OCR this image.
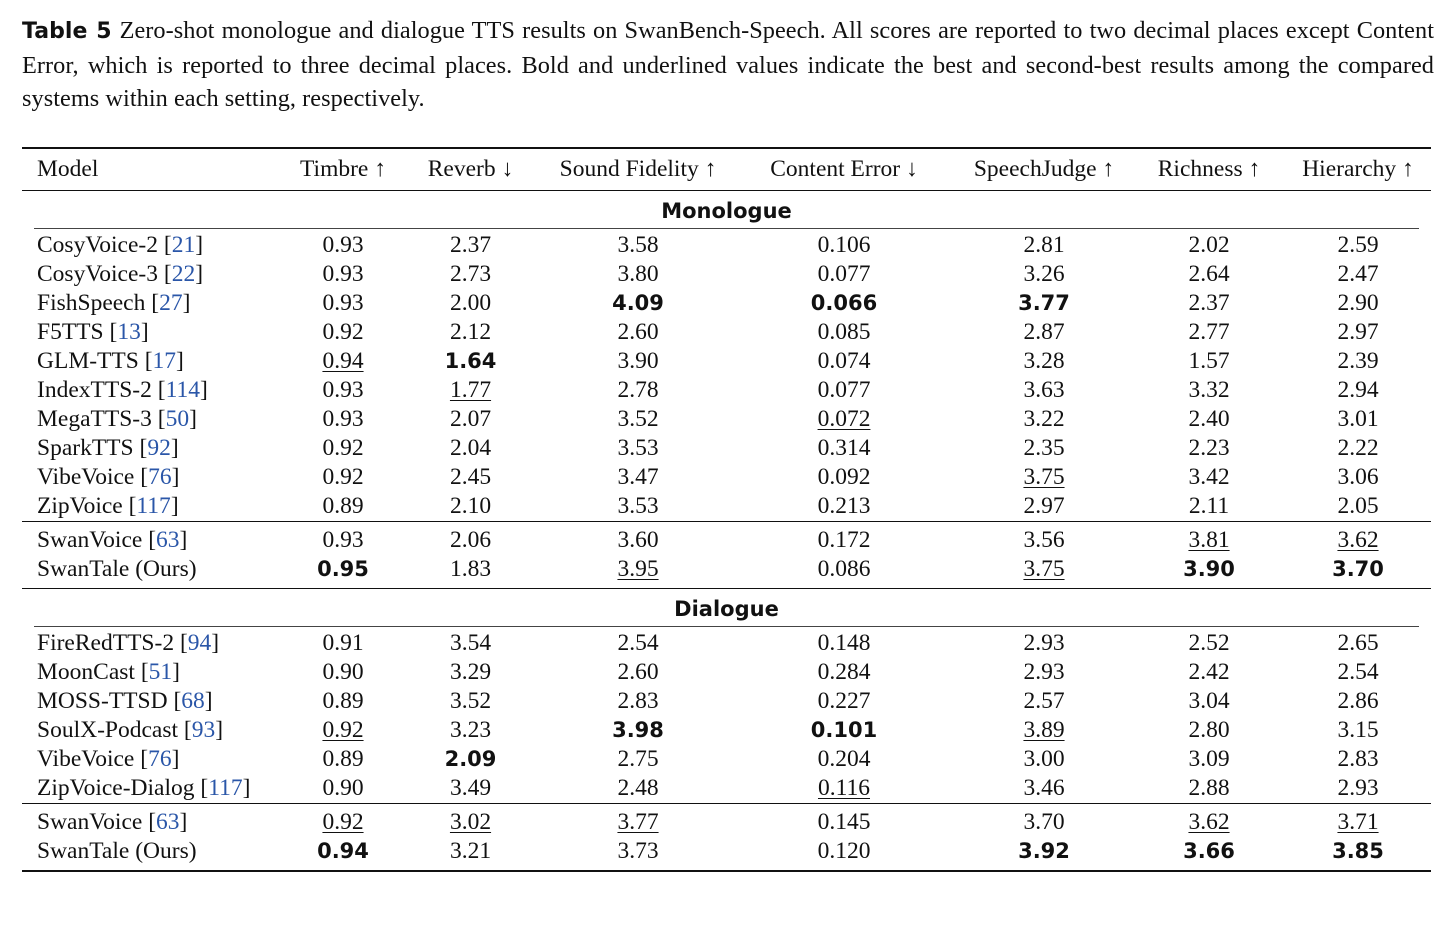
Table 5 Zero-shot monologue and dialogue TTS results on SwanBench-Speech. All scores are reported to two decimal places except Content Error, which is reported to three decimal places. Bold and underlined values indicate the best and second-best results among the compared systems within each setting, respectively.
Model	Timbre ↑	Reverb ↓	Sound Fidelity ↑	Content Error ↓	SpeechJudge ↑	Richness ↑	Hierarchy ↑
Monologue							

CosyVoice-2 [21]	0.93	2.37	3.58	0.106	2.81	2.02	2.59
CosyVoice-3 [22]	0.93	2.73	3.80	0.077	3.26	2.64	2.47
FishSpeech [27]	0.93	2.00	4.09	0.066	3.77	2.37	2.90
F5TTS [13]	0.92	2.12	2.60	0.085	2.87	2.77	2.97
GLM-TTS [17]	0.94	1.64	3.90	0.074	3.28	1.57	2.39
IndexTTS-2 [114]	0.93	1.77	2.78	0.077	3.63	3.32	2.94
MegaTTS-3 [50]	0.93	2.07	3.52	0.072	3.22	2.40	3.01
SparkTTS [92]	0.92	2.04	3.53	0.314	2.35	2.23	2.22
VibeVoice [76]	0.92	2.45	3.47	0.092	3.75	3.42	3.06
ZipVoice [117]	0.89	2.10	3.53	0.213	2.97	2.11	2.05
SwanVoice [63]	0.93	2.06	3.60	0.172	3.56	3.81	3.62
SwanTale (Ours)	0.95	1.83	3.95	0.086	3.75	3.90	3.70
Dialogue							

FireRedTTS-2 [94]	0.91	3.54	2.54	0.148	2.93	2.52	2.65
MoonCast [51]	0.90	3.29	2.60	0.284	2.93	2.42	2.54
MOSS-TTSD [68]	0.89	3.52	2.83	0.227	2.57	3.04	2.86
SoulX-Podcast [93]	0.92	3.23	3.98	0.101	3.89	2.80	3.15
VibeVoice [76]	0.89	2.09	2.75	0.204	3.00	3.09	2.83
ZipVoice-Dialog [117]	0.90	3.49	2.48	0.116	3.46	2.88	2.93
SwanVoice [63]	0.92	3.02	3.77	0.145	3.70	3.62	3.71
SwanTale (Ours)	0.94	3.21	3.73	0.120	3.92	3.66	3.85
